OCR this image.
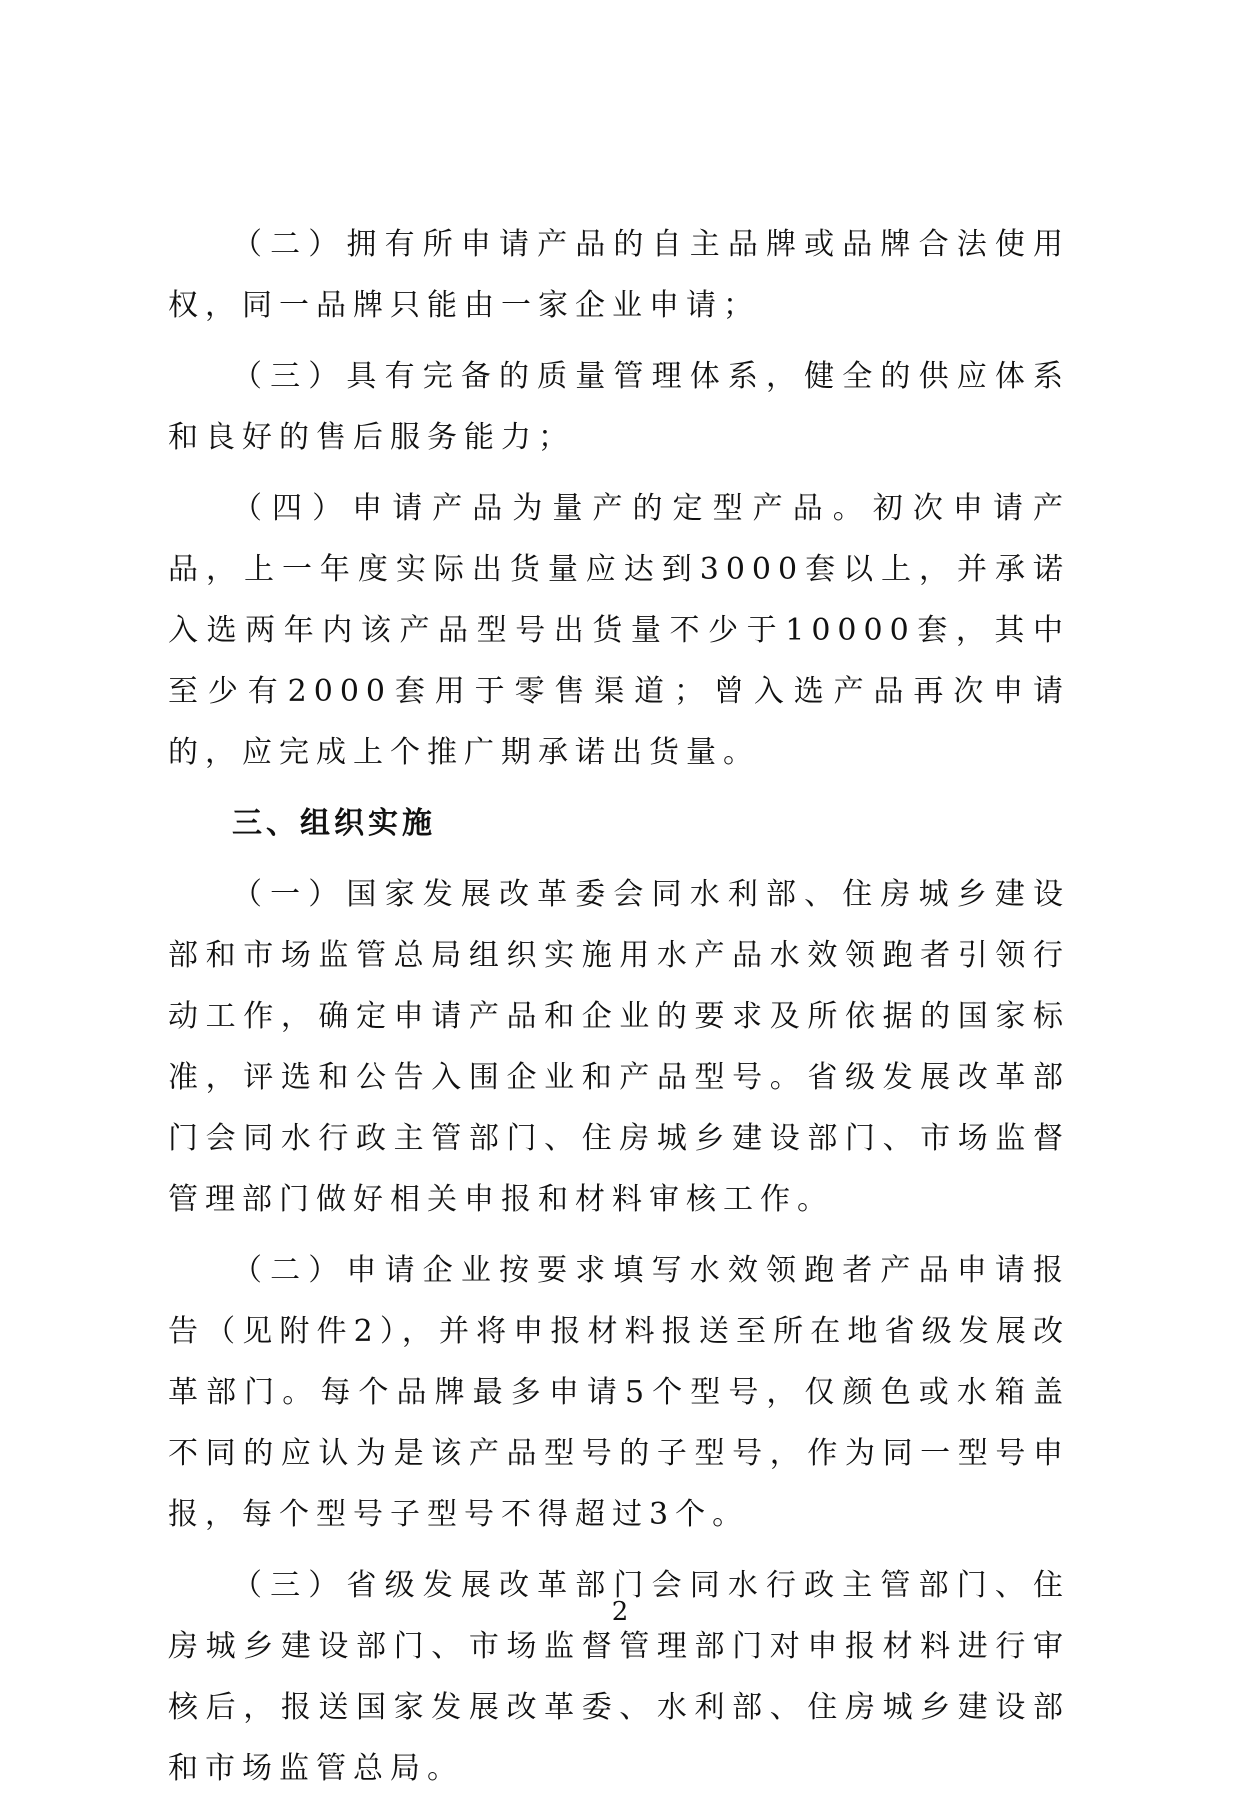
（二）拥有所申请产品的自主品牌或品牌合法使用权，同一品牌只能由一家企业申请；

（三）具有完备的质量管理体系，健全的供应体系和良好的售后服务能力；

（四）申请产品为量产的定型产品。初次申请产品，上一年度实际出货量应达到3000套以上，并承诺入选两年内该产品型号出货量不少于10000套，其中至少有2000套用于零售渠道；曾入选产品再次申请的，应完成上个推广期承诺出货量。

三、组织实施

（一）国家发展改革委会同水利部、住房城乡建设部和市场监管总局组织实施用水产品水效领跑者引领行动工作，确定申请产品和企业的要求及所依据的国家标准，评选和公告入围企业和产品型号。省级发展改革部门会同水行政主管部门、住房城乡建设部门、市场监督管理部门做好相关申报和材料审核工作。

（二）申请企业按要求填写水效领跑者产品申请报告（见附件2），并将申报材料报送至所在地省级发展改革部门。每个品牌最多申请5个型号，仅颜色或水箱盖不同的应认为是该产品型号的子型号，作为同一型号申报，每个型号子型号不得超过3个。

（三）省级发展改革部门会同水行政主管部门、住房城乡建设部门、市场监督管理部门对申报材料进行审核后，报送国家发展改革委、水利部、住房城乡建设部和市场监管总局。

2
